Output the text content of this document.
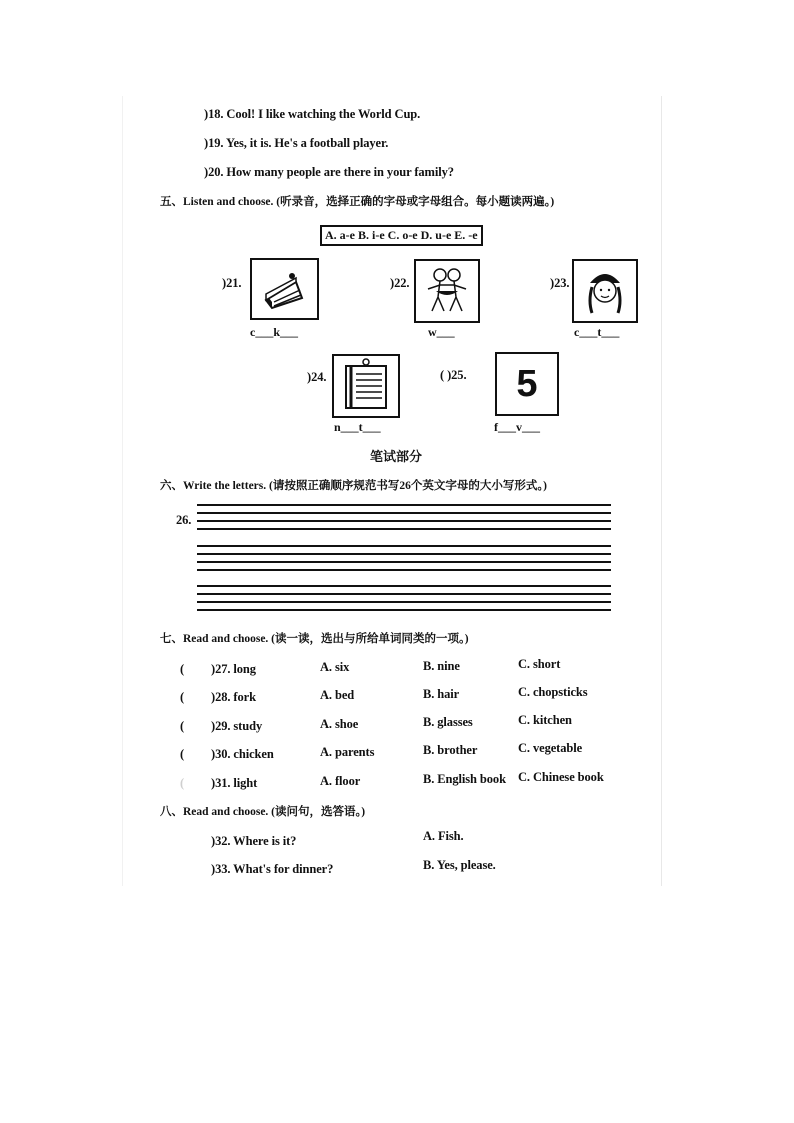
)18. Cool! I like watching the World Cup.
)19. Yes, it is. He's a football player.
)20. How many people are there in your family?
五、Listen and choose. (听录音，选择正确的字母或字母组合。每小题读两遍。)
A. a-e B. i-e C. o-e D. u-e E. -e
)21.
c___k___
)22.
w___
)23.
c___t___
)24.
n___t___
( )25. 5
f___v___
笔试部分
六、Write the letters. (请按照正确顺序规范书写26个英文字母的大小写形式。)
26.
七、Read and choose. (读一读，选出与所给单词同类的一项。)
( )27. long	A. six	B. nine	C. short
( )28. fork	A. bed	B. hair	C. chopsticks
( )29. study	A. shoe	B. glasses	C. kitchen
( )30. chicken	A. parents	B. brother	C. vegetable
( )31. light	A. floor	B. English book C. Chinese book
八、Read and choose. (读问句，选答语。)
)32. Where is it?	A. Fish.
)33. What's for dinner?	B. Yes, please.
